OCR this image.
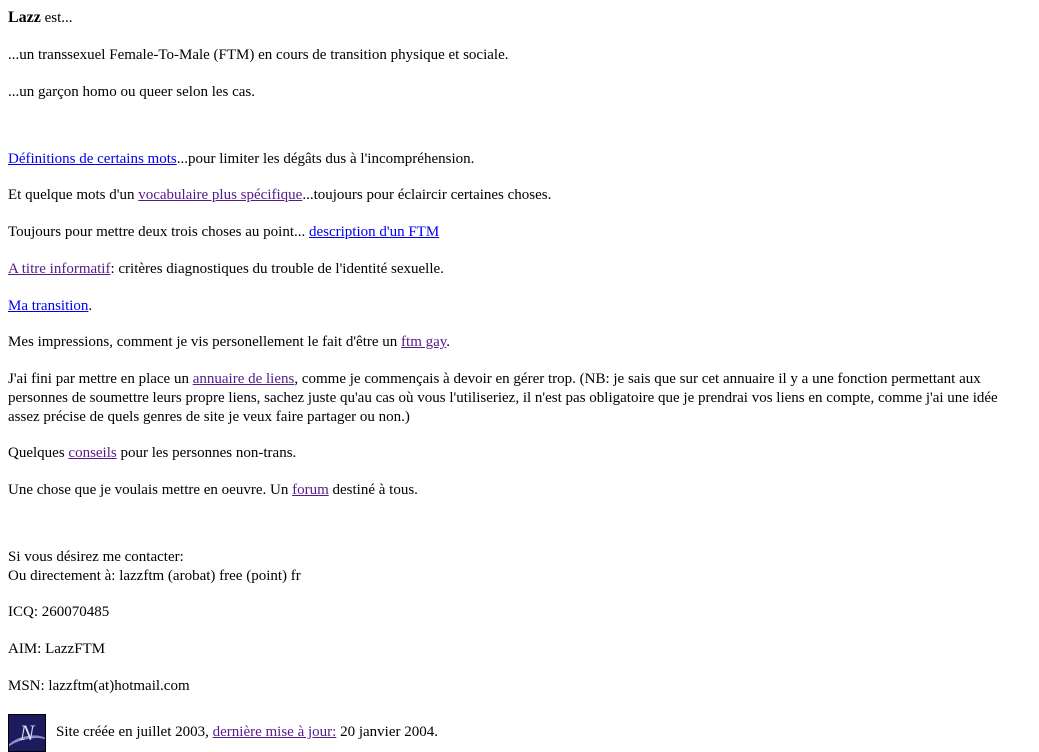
Lazz est...

...un transsexuel Female-To-Male (FTM) en cours de transition physique et sociale.

...un garçon homo ou queer selon les cas.

Définitions de certains mots...pour limiter les dégâts dus à l'incompréhension.

Et quelque mots d'un vocabulaire plus spécifique...toujours pour éclaircir certaines choses.

Toujours pour mettre deux trois choses au point... description d'un FTM

A titre informatif: critères diagnostiques du trouble de l'identité sexuelle.

Ma transition.

Mes impressions, comment je vis personellement le fait d'être un ftm gay.

J'ai fini par mettre en place un annuaire de liens, comme je commençais à devoir en gérer trop. (NB: je sais que sur cet annuaire il y a une fonction permettant aux personnes de soumettre leurs propre liens, sachez juste qu'au cas où vous l'utiliseriez, il n'est pas obligatoire que je prendrai vos liens en compte, comme j'ai une idée assez précise de quels genres de site je veux faire partager ou non.)

Quelques conseils pour les personnes non-trans.

Une chose que je voulais mettre en oeuvre. Un forum destiné à tous.

Si vous désirez me contacter:

Ou directement à: lazzftm (arobat) free (point) fr

ICQ: 260070485

AIM: LazzFTM

MSN: lazzftm(at)hotmail.com

N Site créée en juillet 2003, dernière mise à jour: 20 janvier 2004.
